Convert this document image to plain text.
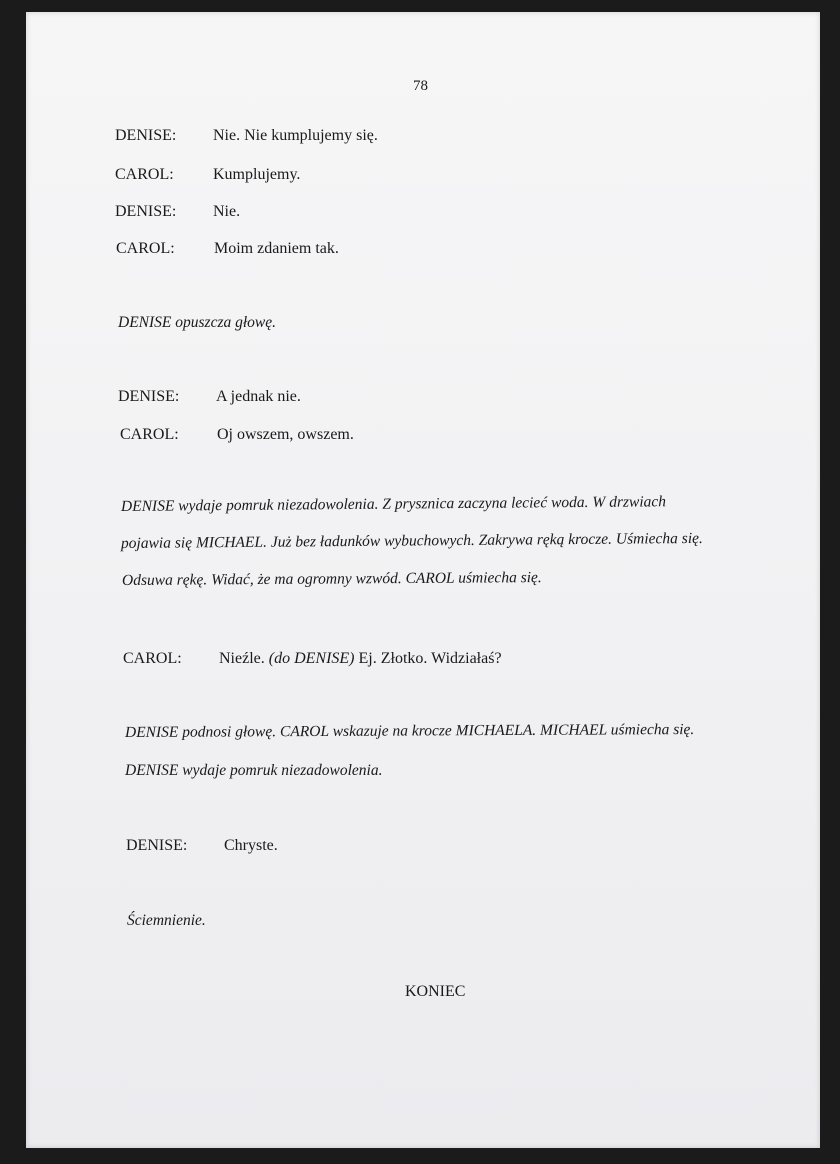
78
DENISE: Nie. Nie kumplujemy się.
CAROL: Kumplujemy.
DENISE: Nie.
CAROL: Moim zdaniem tak.
DENISE opuszcza głowę.
DENISE: A jednak nie.
CAROL: Oj owszem, owszem.
DENISE wydaje pomruk niezadowolenia. Z prysznica zaczyna lecieć woda. W drzwiach
pojawia się MICHAEL. Już bez ładunków wybuchowych. Zakrywa ręką krocze. Uśmiecha się.
Odsuwa rękę. Widać, że ma ogromny wzwód. CAROL uśmiecha się.
CAROL: Nieźle. (do DENISE) Ej. Złotko. Widziałaś?
DENISE podnosi głowę. CAROL wskazuje na krocze MICHAELA. MICHAEL uśmiecha się.
DENISE wydaje pomruk niezadowolenia.
DENISE: Chryste.
Ściemnienie.
KONIEC
